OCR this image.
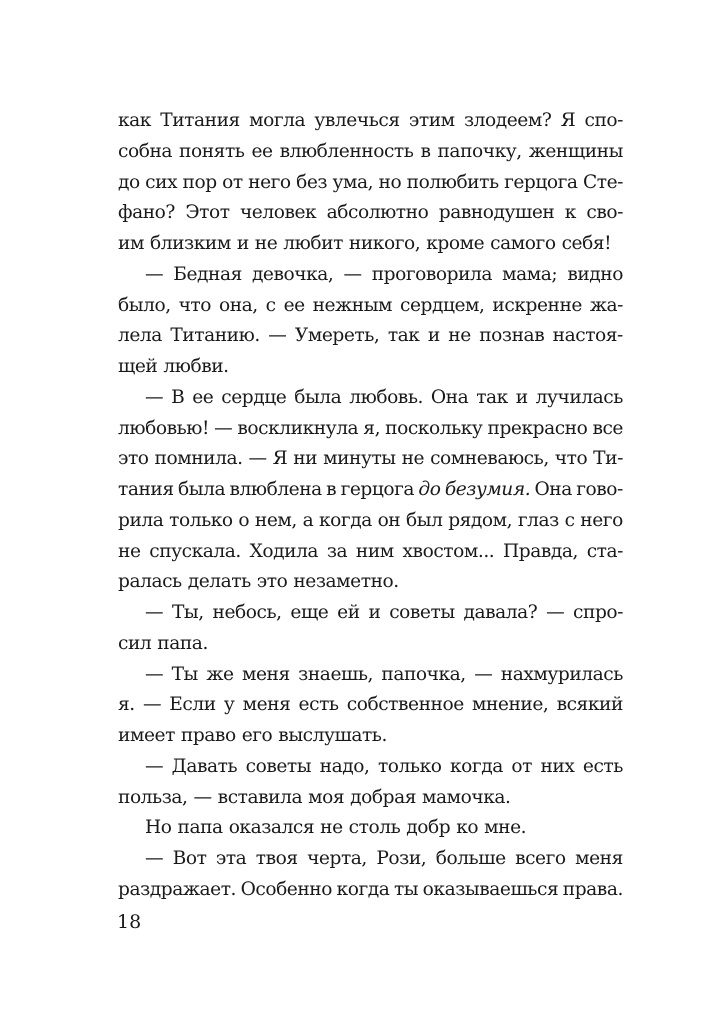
как Титания могла увлечься этим злодеем? Я спо-
собна понять ее влюбленность в папочку, женщины
до сих пор от него без ума, но полюбить герцога Сте-
фано? Этот человек абсолютно равнодушен к сво-
им близким и не любит никого, кроме самого себя!
— Бедная девочка, — проговорила мама; видно
было, что она, с ее нежным сердцем, искренне жа-
лела Титанию. — Умереть, так и не познав настоя-
щей любви.
— В ее сердце была любовь. Она так и лучилась
любовью! — воскликнула я, поскольку прекрасно все
это помнила. — Я ни минуты не сомневаюсь, что Ти-
тания была влюблена в герцога до безумия. Она гово-
рила только о нем, а когда он был рядом, глаз с него
не спускала. Ходила за ним хвостом... Правда, ста-
ралась делать это незаметно.
— Ты, небось, еще ей и советы давала? — спро-
сил папа.
— Ты же меня знаешь, папочка, — нахмурилась
я. — Если у меня есть собственное мнение, всякий
имеет право его выслушать.
— Давать советы надо, только когда от них есть
польза, — вставила моя добрая мамочка.
Но папа оказался не столь добр ко мне.
— Вот эта твоя черта, Рози, больше всего меня
раздражает. Особенно когда ты оказываешься права.
18
